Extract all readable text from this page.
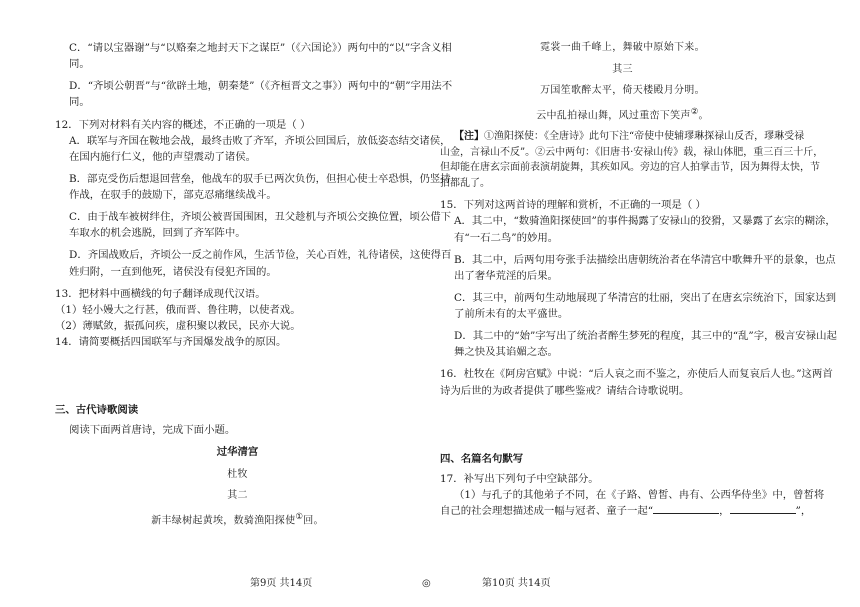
C．“请以宝器谢”与“以赂秦之地封天下之谋臣”（《六国论》）两句中的“以”字含义相

同。

D．“齐顷公朝晋”与“欲辟土地，朝秦楚”（《齐桓晋文之事》）两句中的“朝”字用法不

同。

12．下列对材料有关内容的概述，不正确的一项是（ ）

A．联军与齐国在鞍地会战，最终击败了齐军，齐顷公回国后，放低姿态结交诸侯，

在国内施行仁义，他的声望震动了诸侯。

B．部克受伤后想退回营垒，他战车的驭手已两次负伤，但担心使士卒恐惧，仍竖持

作战，在驭手的鼓励下，部克忍痛继续战斗。

C．由于战车被树绊住，齐顷公被晋国围困，丑父趁机与齐顷公交换位置，顷公借下

车取水的机会逃脱，回到了齐军阵中。

D．齐国战败后，齐顷公一反之前作风，生活节俭，关心百姓，礼待诸侯，这使得百

姓归附，一直到他死，诸侯没有侵犯齐国的。

13．把材料中画横线的句子翻译成现代汉语。

（1）轻小嫚大之行甚，俄而晋、鲁往聘，以使者戏。

（2）薄赋敛，振孤问疾，虚积聚以救民，民亦大说。

14．请简要概括四国联军与齐国爆发战争的原因。

三、古代诗歌阅读

阅读下面两首唐诗，完成下面小题。

过华清宫

杜牧

其二

新丰绿树起黄埃，数骑渔阳探使①回。

霓裳一曲千峰上，舞破中原始下来。

其三

万国笙歌醉太平，倚天楼殿月分明。

云中乱拍禄山舞，风过重峦下笑声②。

【注】①渔阳探使：《全唐诗》此句下注“帝使中使辅璆琳探禄山反否，璆琳受禄

山金，言禄山不反”。②云中两句：《旧唐书·安禄山传》载，禄山体肥，重三百三十斤，

但却能在唐玄宗面前表演胡旋舞，其疾如风。旁边的宫人拍掌击节，因为舞得太快，节

拍都乱了。

15．下列对这两首诗的理解和赏析，不正确的一项是（ ）

A．其二中，“数骑渔阳探使回”的事件揭露了安禄山的狡猾，又暴露了玄宗的糊涂，

有“一石二鸟”的妙用。

B．其二中，后两句用夸张手法描绘出唐朝统治者在华清宫中歌舞升平的景象，也点

出了奢华荒淫的后果。

C．其三中，前两句生动地展现了华清宫的壮丽，突出了在唐玄宗统治下，国家达到

了前所未有的太平盛世。

D．其二中的“始”字写出了统治者醉生梦死的程度，其三中的“乱”字，极言安禄山起

舞之快及其谄媚之态。

16．杜牧在《阿房宫赋》中说：“后人哀之而不鉴之，亦使后人而复哀后人也。”这两首

诗为后世的为政者提供了哪些鉴戒？请结合诗歌说明。

四、名篇名句默写

17．补写出下列句子中空缺部分。

（1）与孔子的其他弟子不同，在《子路、曾皙、冉有、公西华侍坐》中，曾皙将

自己的社会理想描述成一幅与冠者、童子一起“	，	”，

第9页 共14页	◎	第10页 共14页
